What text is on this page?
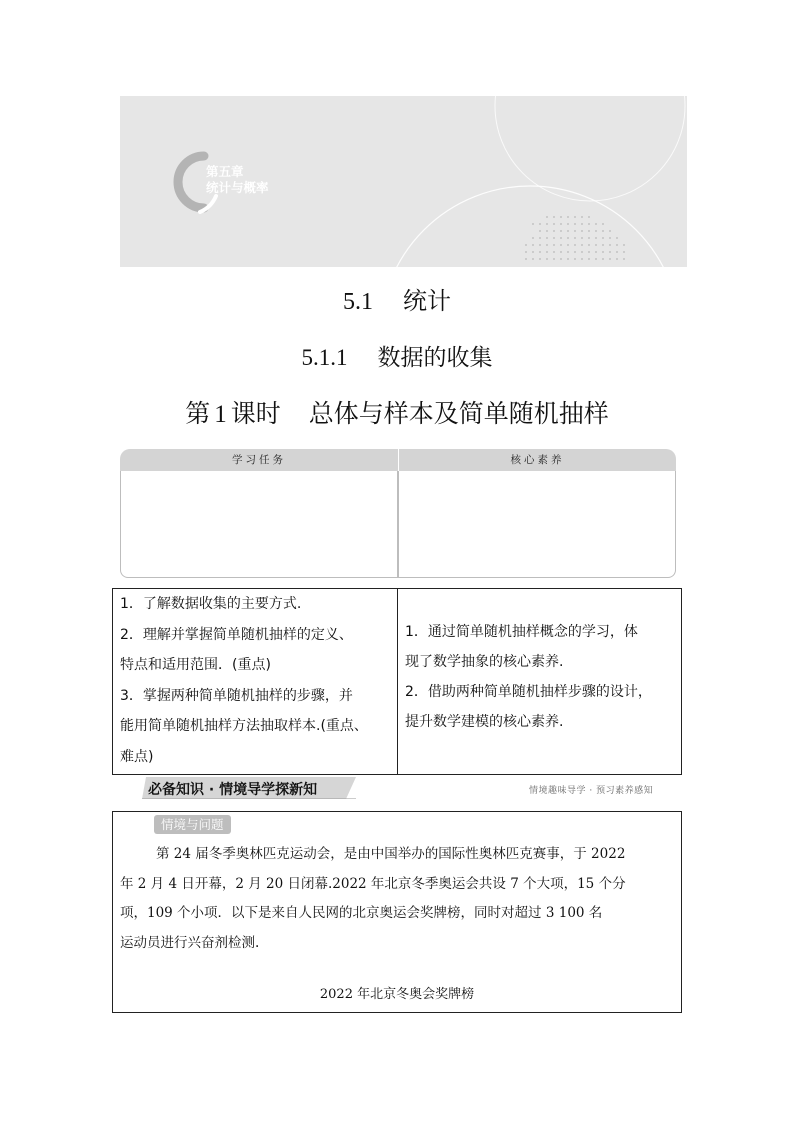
第五章
统计与概率
5.1 统计
5.1.1 数据的收集
第 1 课时 总体与样本及简单随机抽样
学习任务	核心素养
1．了解数据收集的主要方式.
2．理解并掌握简单随机抽样的定义、
特点和适用范围．(重点)
3．掌握两种简单随机抽样的步骤，并
能用简单随机抽样方法抽取样本.(重点、
难点)
1．通过简单随机抽样概念的学习，体
现了数学抽象的核心素养.
2．借助两种简单随机抽样步骤的设计，
提升数学建模的核心素养.
必备知识 · 情境导学探新知	情境趣味导学 · 预习素养感知
情境与问题
第 24 届冬季奥林匹克运动会，是由中国举办的国际性奥林匹克赛事，于 2022
年 2 月 4 日开幕，2 月 20 日闭幕.2022 年北京冬季奥运会共设 7 个大项，15 个分
项，109 个小项．以下是来自人民网的北京奥运会奖牌榜，同时对超过 3 100 名
运动员进行兴奋剂检测.
2022 年北京冬奥会奖牌榜
